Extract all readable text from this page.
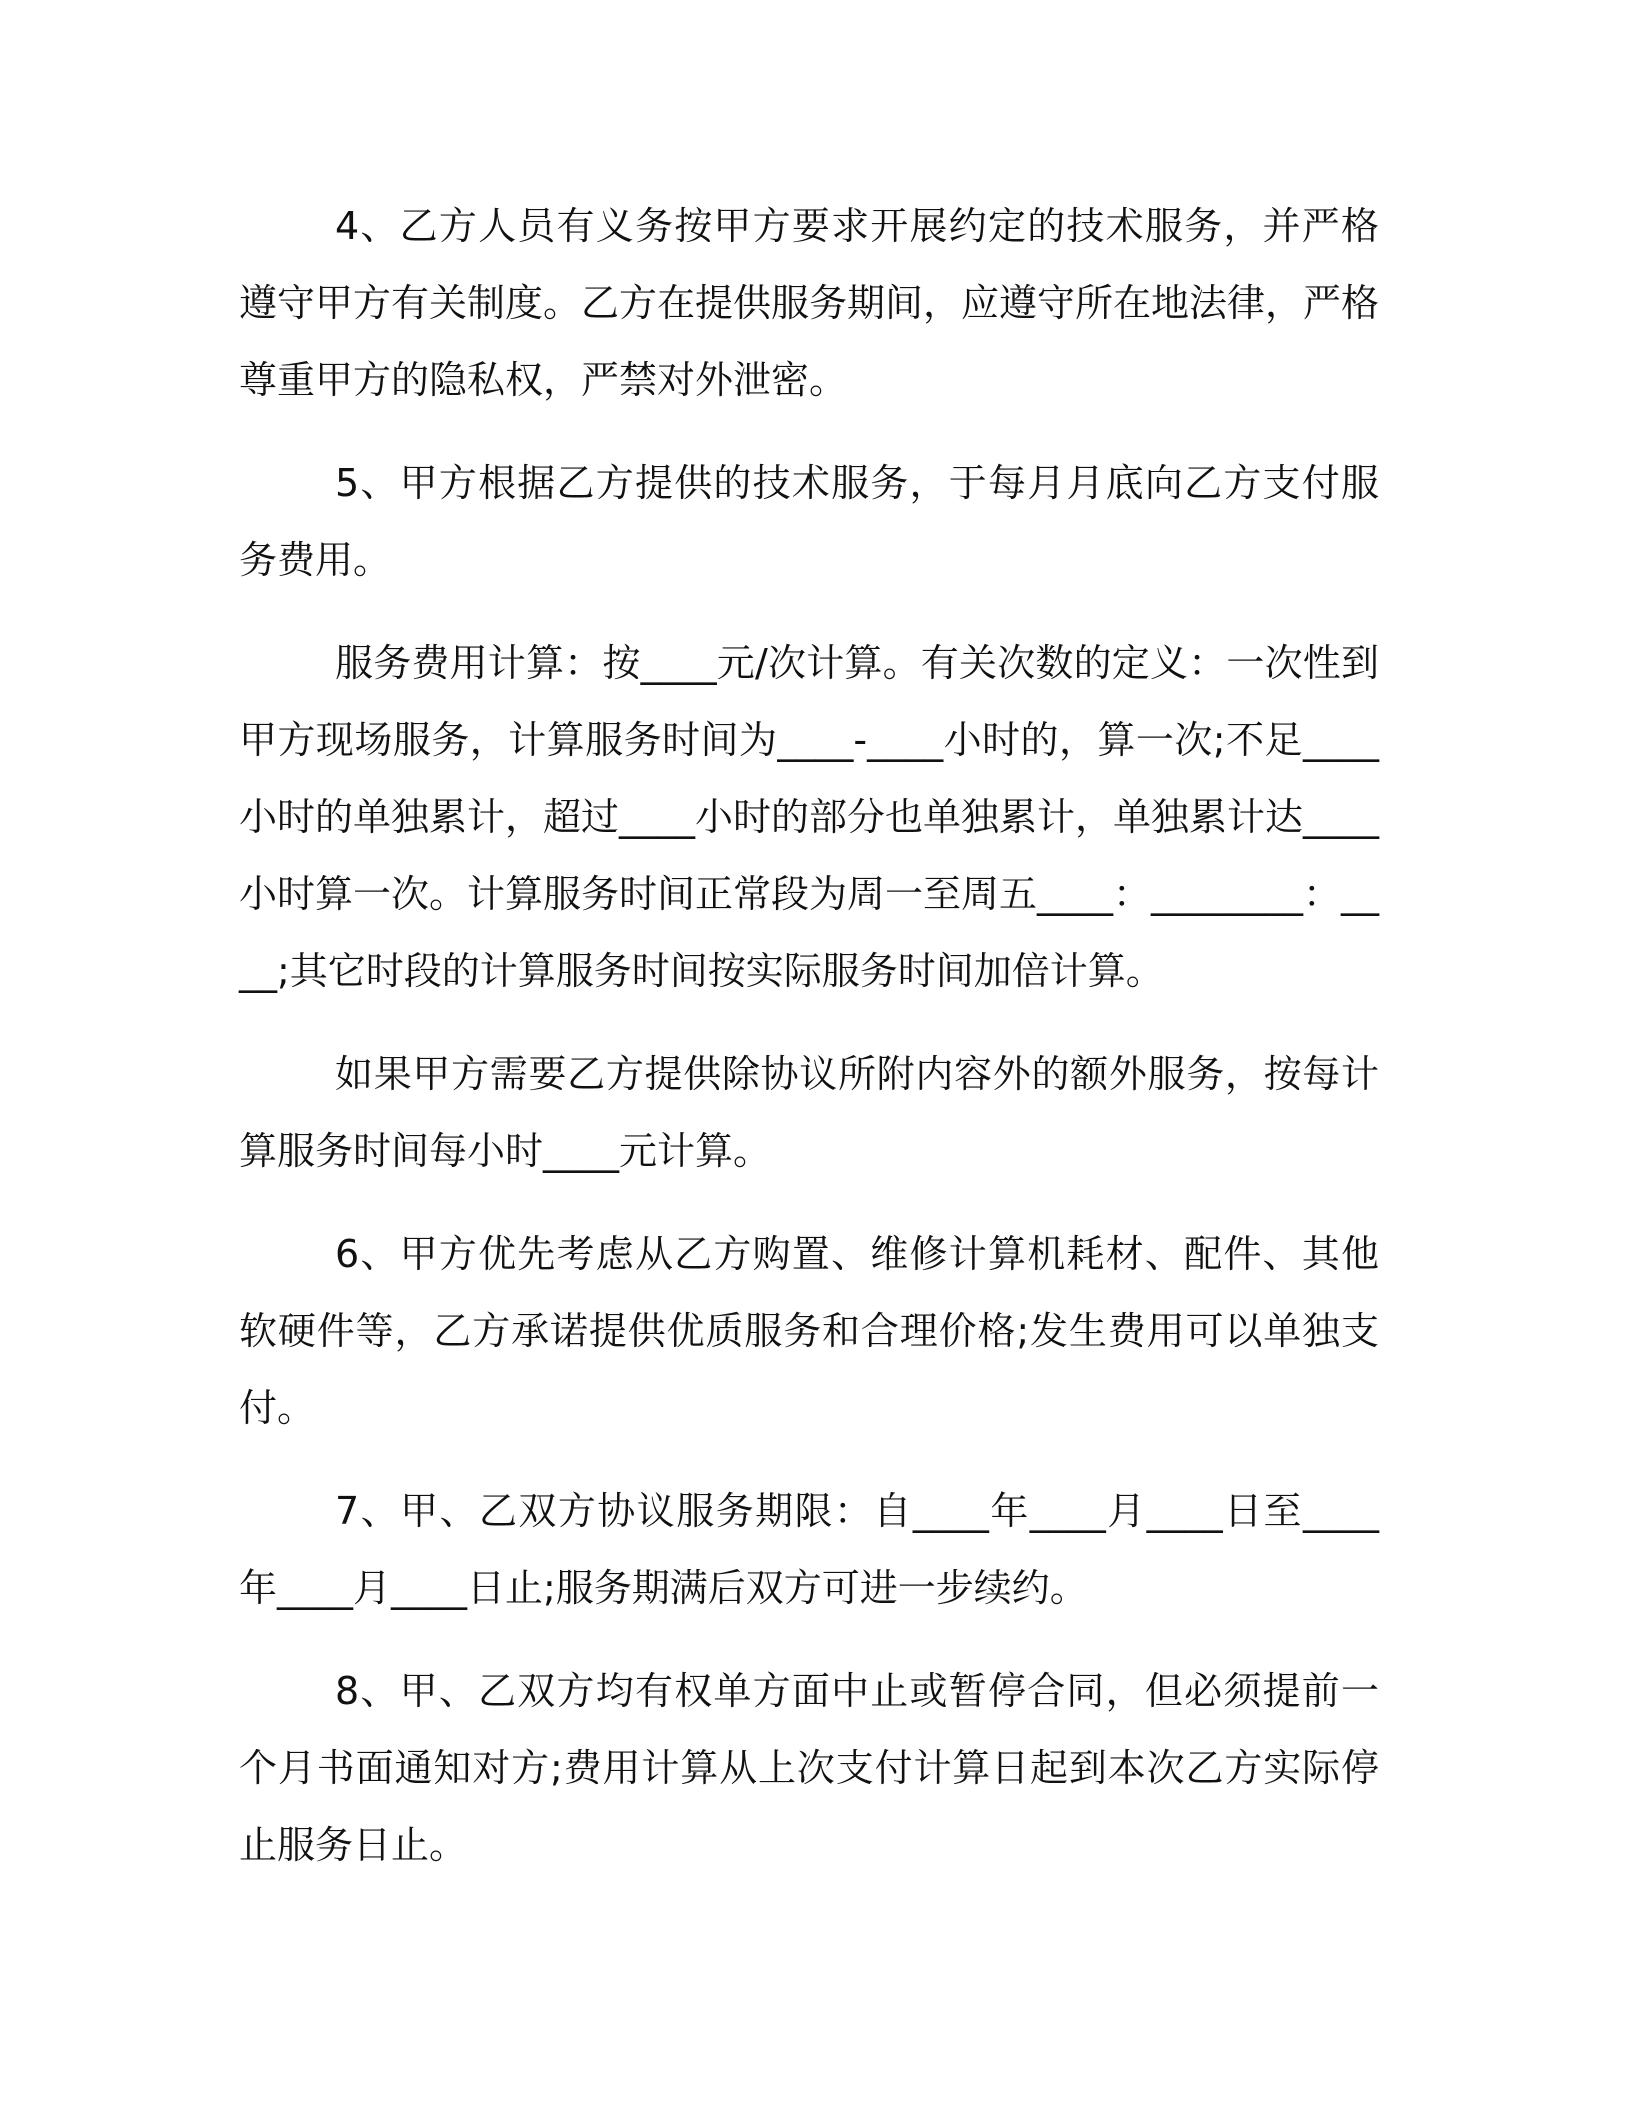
4、乙方人员有义务按甲方要求开展约定的技术服务，并严格遵守甲方有关制度。乙方在提供服务期间，应遵守所在地法律，严格尊重甲方的隐私权，严禁对外泄密。

5、甲方根据乙方提供的技术服务，于每月月底向乙方支付服务费用。

服务费用计算：按____元/次计算。有关次数的定义：一次性到甲方现场服务，计算服务时间为____-____小时的，算一次;不足____小时的单独累计，超过____小时的部分也单独累计，单独累计达____小时算一次。计算服务时间正常段为周一至周五____：________：____;其它时段的计算服务时间按实际服务时间加倍计算。

如果甲方需要乙方提供除协议所附内容外的额外服务，按每计算服务时间每小时____元计算。

6、甲方优先考虑从乙方购置、维修计算机耗材、配件、其他软硬件等，乙方承诺提供优质服务和合理价格;发生费用可以单独支付。

7、甲、乙双方协议服务期限：自____年____月____日至____年____月____日止;服务期满后双方可进一步续约。

8、甲、乙双方均有权单方面中止或暂停合同，但必须提前一个月书面通知对方;费用计算从上次支付计算日起到本次乙方实际停止服务日止。
